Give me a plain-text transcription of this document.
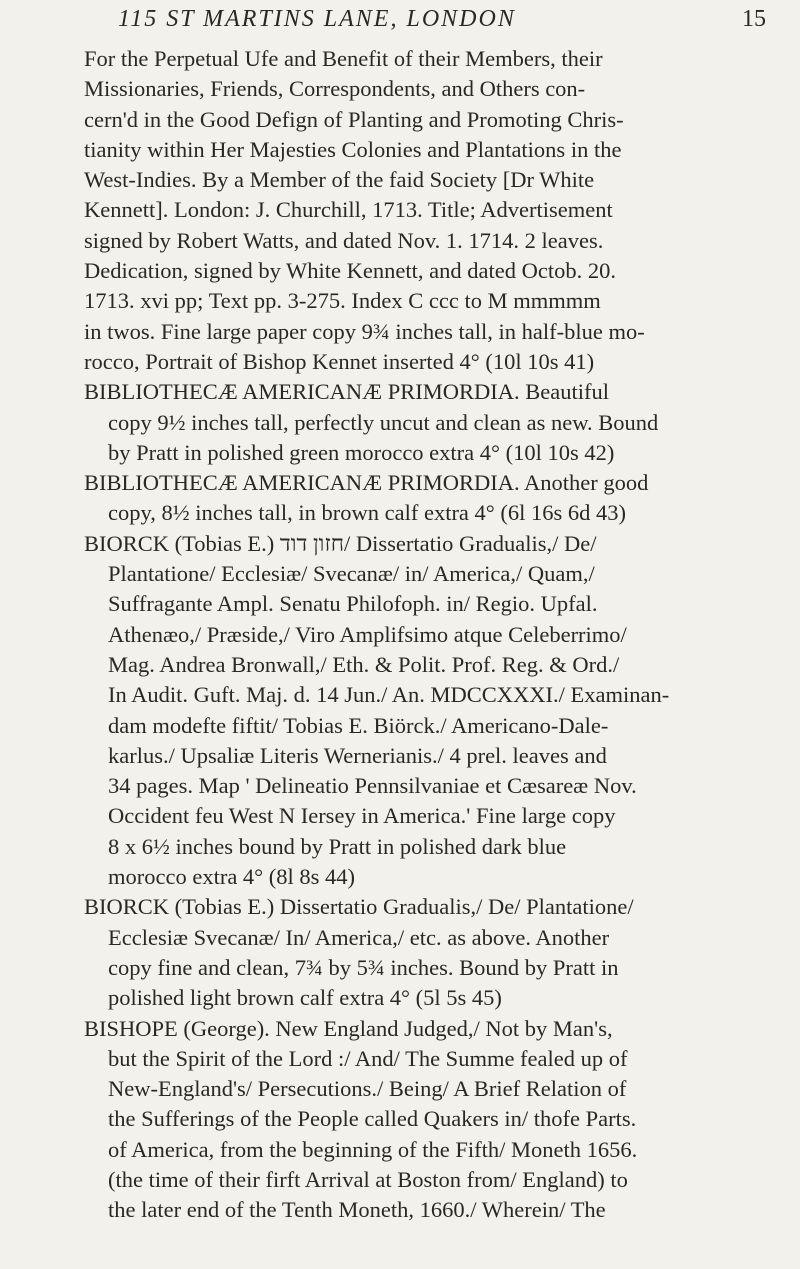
115 ST MARTINS LANE, LONDON	15
For the Perpetual Ufe and Benefit of their Members, their
Missionaries, Friends, Correspondents, and Others con-
cern'd in the Good Defign of Planting and Promoting Chris-
tianity within Her Majesties Colonies and Plantations in the
West-Indies. By a Member of the faid Society [Dr White
Kennett]. London: J. Churchill, 1713. Title; Advertisement
signed by Robert Watts, and dated Nov. 1. 1714. 2 leaves.
Dedication, signed by White Kennett, and dated Octob. 20.
1713. xvi pp; Text pp. 3-275. Index C ccc to M mmmmm
in twos. Fine large paper copy 9¾ inches tall, in half-blue mo-
rocco, Portrait of Bishop Kennet inserted 4° (10l 10s 41)
BIBLIOTHECÆ AMERICANÆ PRIMORDIA. Beautiful
copy 9½ inches tall, perfectly uncut and clean as new. Bound
by Pratt in polished green morocco extra 4° (10l 10s 42)
BIBLIOTHECÆ AMERICANÆ PRIMORDIA. Another good
copy, 8½ inches tall, in brown calf extra 4° (6l 16s 6d 43)
BIORCK (Tobias E.) חזון דוד/ Dissertatio Gradualis,/ De/
Plantatione/ Ecclesiæ/ Svecanæ/ in/ America,/ Quam,/
Suffragante Ampl. Senatu Philofoph. in/ Regio. Upfal.
Athenæo,/ Præside,/ Viro Amplifsimo atque Celeberrimo/
Mag. Andrea Bronwall,/ Eth. & Polit. Prof. Reg. & Ord./
In Audit. Guft. Maj. d. 14 Jun./ An. MDCCXXXI./ Examinan-
dam modefte fiftit/ Tobias E. Biörck./ Americano-Dale-
karlus./ Upsaliæ Literis Wernerianis./ 4 prel. leaves and
34 pages. Map ' Delineatio Pennsilvaniae et Cæsareæ Nov.
Occident feu West N Iersey in America.' Fine large copy
8 x 6½ inches bound by Pratt in polished dark blue
morocco extra 4° (8l 8s 44)
BIORCK (Tobias E.) Dissertatio Gradualis,/ De/ Plantatione/
Ecclesiæ Svecanæ/ In/ America,/ etc. as above. Another
copy fine and clean, 7¾ by 5¾ inches. Bound by Pratt in
polished light brown calf extra 4° (5l 5s 45)
BISHOPE (George). New England Judged,/ Not by Man's,
but the Spirit of the Lord :/ And/ The Summe fealed up of
New-England's/ Persecutions./ Being/ A Brief Relation of
the Sufferings of the People called Quakers in/ thofe Parts.
of America, from the beginning of the Fifth/ Moneth 1656.
(the time of their firft Arrival at Boston from/ England) to
the later end of the Tenth Moneth, 1660./ Wherein/ The
